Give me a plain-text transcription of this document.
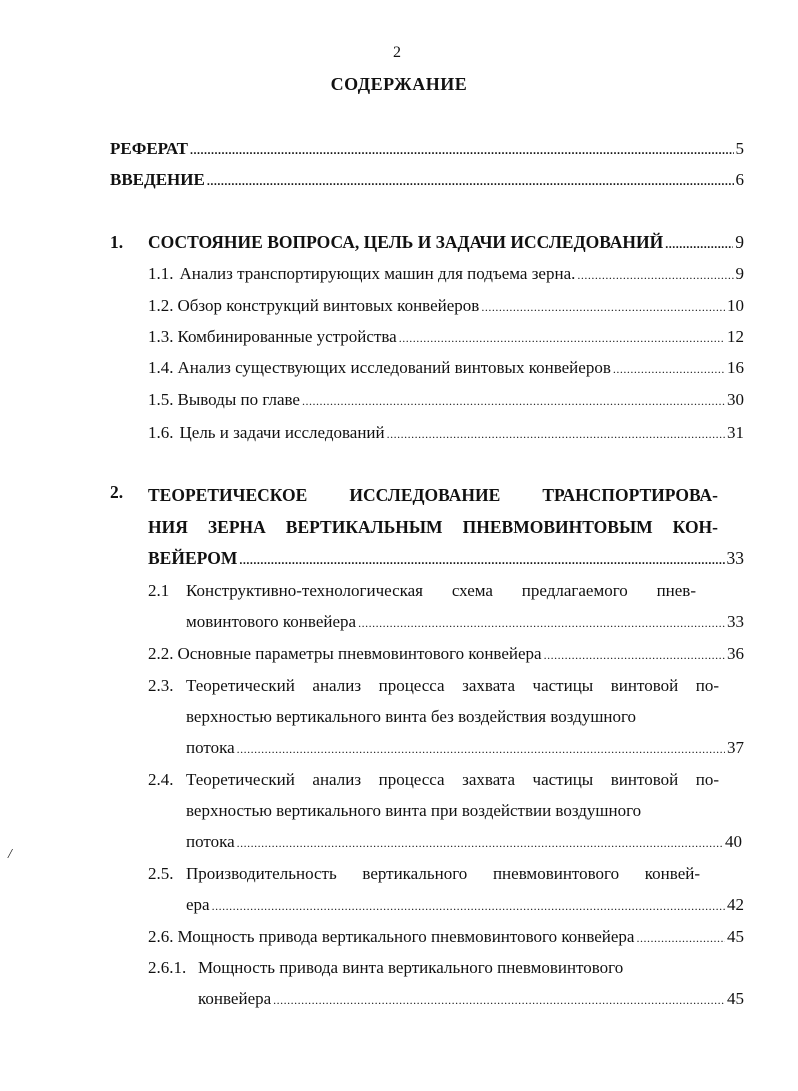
2
СОДЕРЖАНИЕ
РЕФЕРАТ .....	5
ВВЕДЕНИЕ .....	6
1.	СОСТОЯНИЕ ВОПРОСА, ЦЕЛЬ И ЗАДАЧИ ИССЛЕДОВАНИЙ .....	9
1.1. Анализ транспортирующих машин для подъема зерна. .....	9
1.2. Обзор конструкций винтовых конвейеров .....	10
1.3. Комбинированные устройства .....	12
1.4. Анализ существующих исследований винтовых конвейеров .....	16
1.5. Выводы по главе .....	30
1.6. Цель и задачи исследований .....	31
2. ТЕОРЕТИЧЕСКОЕ ИССЛЕДОВАНИЕ ТРАНСПОРТИРОВА-
НИЯ ЗЕРНА ВЕРТИКАЛЬНЫМ ПНЕВМОВИНТОВЫМ КОН-
ВЕЙЕРОМ .....	33
2.1 Конструктивно-технологическая схема предлагаемого пнев-
мовинтового конвейера .....	33
2.2. Основные параметры пневмовинтового конвейера .....	36
2.3. Теоретический анализ процесса захвата частицы винтовой по-
верхностью вертикального винта без воздействия воздушного
потока .....	37
2.4. Теоретический анализ процесса захвата частицы винтовой по-
верхностью вертикального винта при воздействии воздушного
потока .....	40
2.5. Производительность вертикального пневмовинтового конвей-
ера .....	42
2.6. Мощность привода вертикального пневмовинтового конвейера .....	45
2.6.1. Мощность привода винта вертикального пневмовинтового
конвейера .....	45
/
